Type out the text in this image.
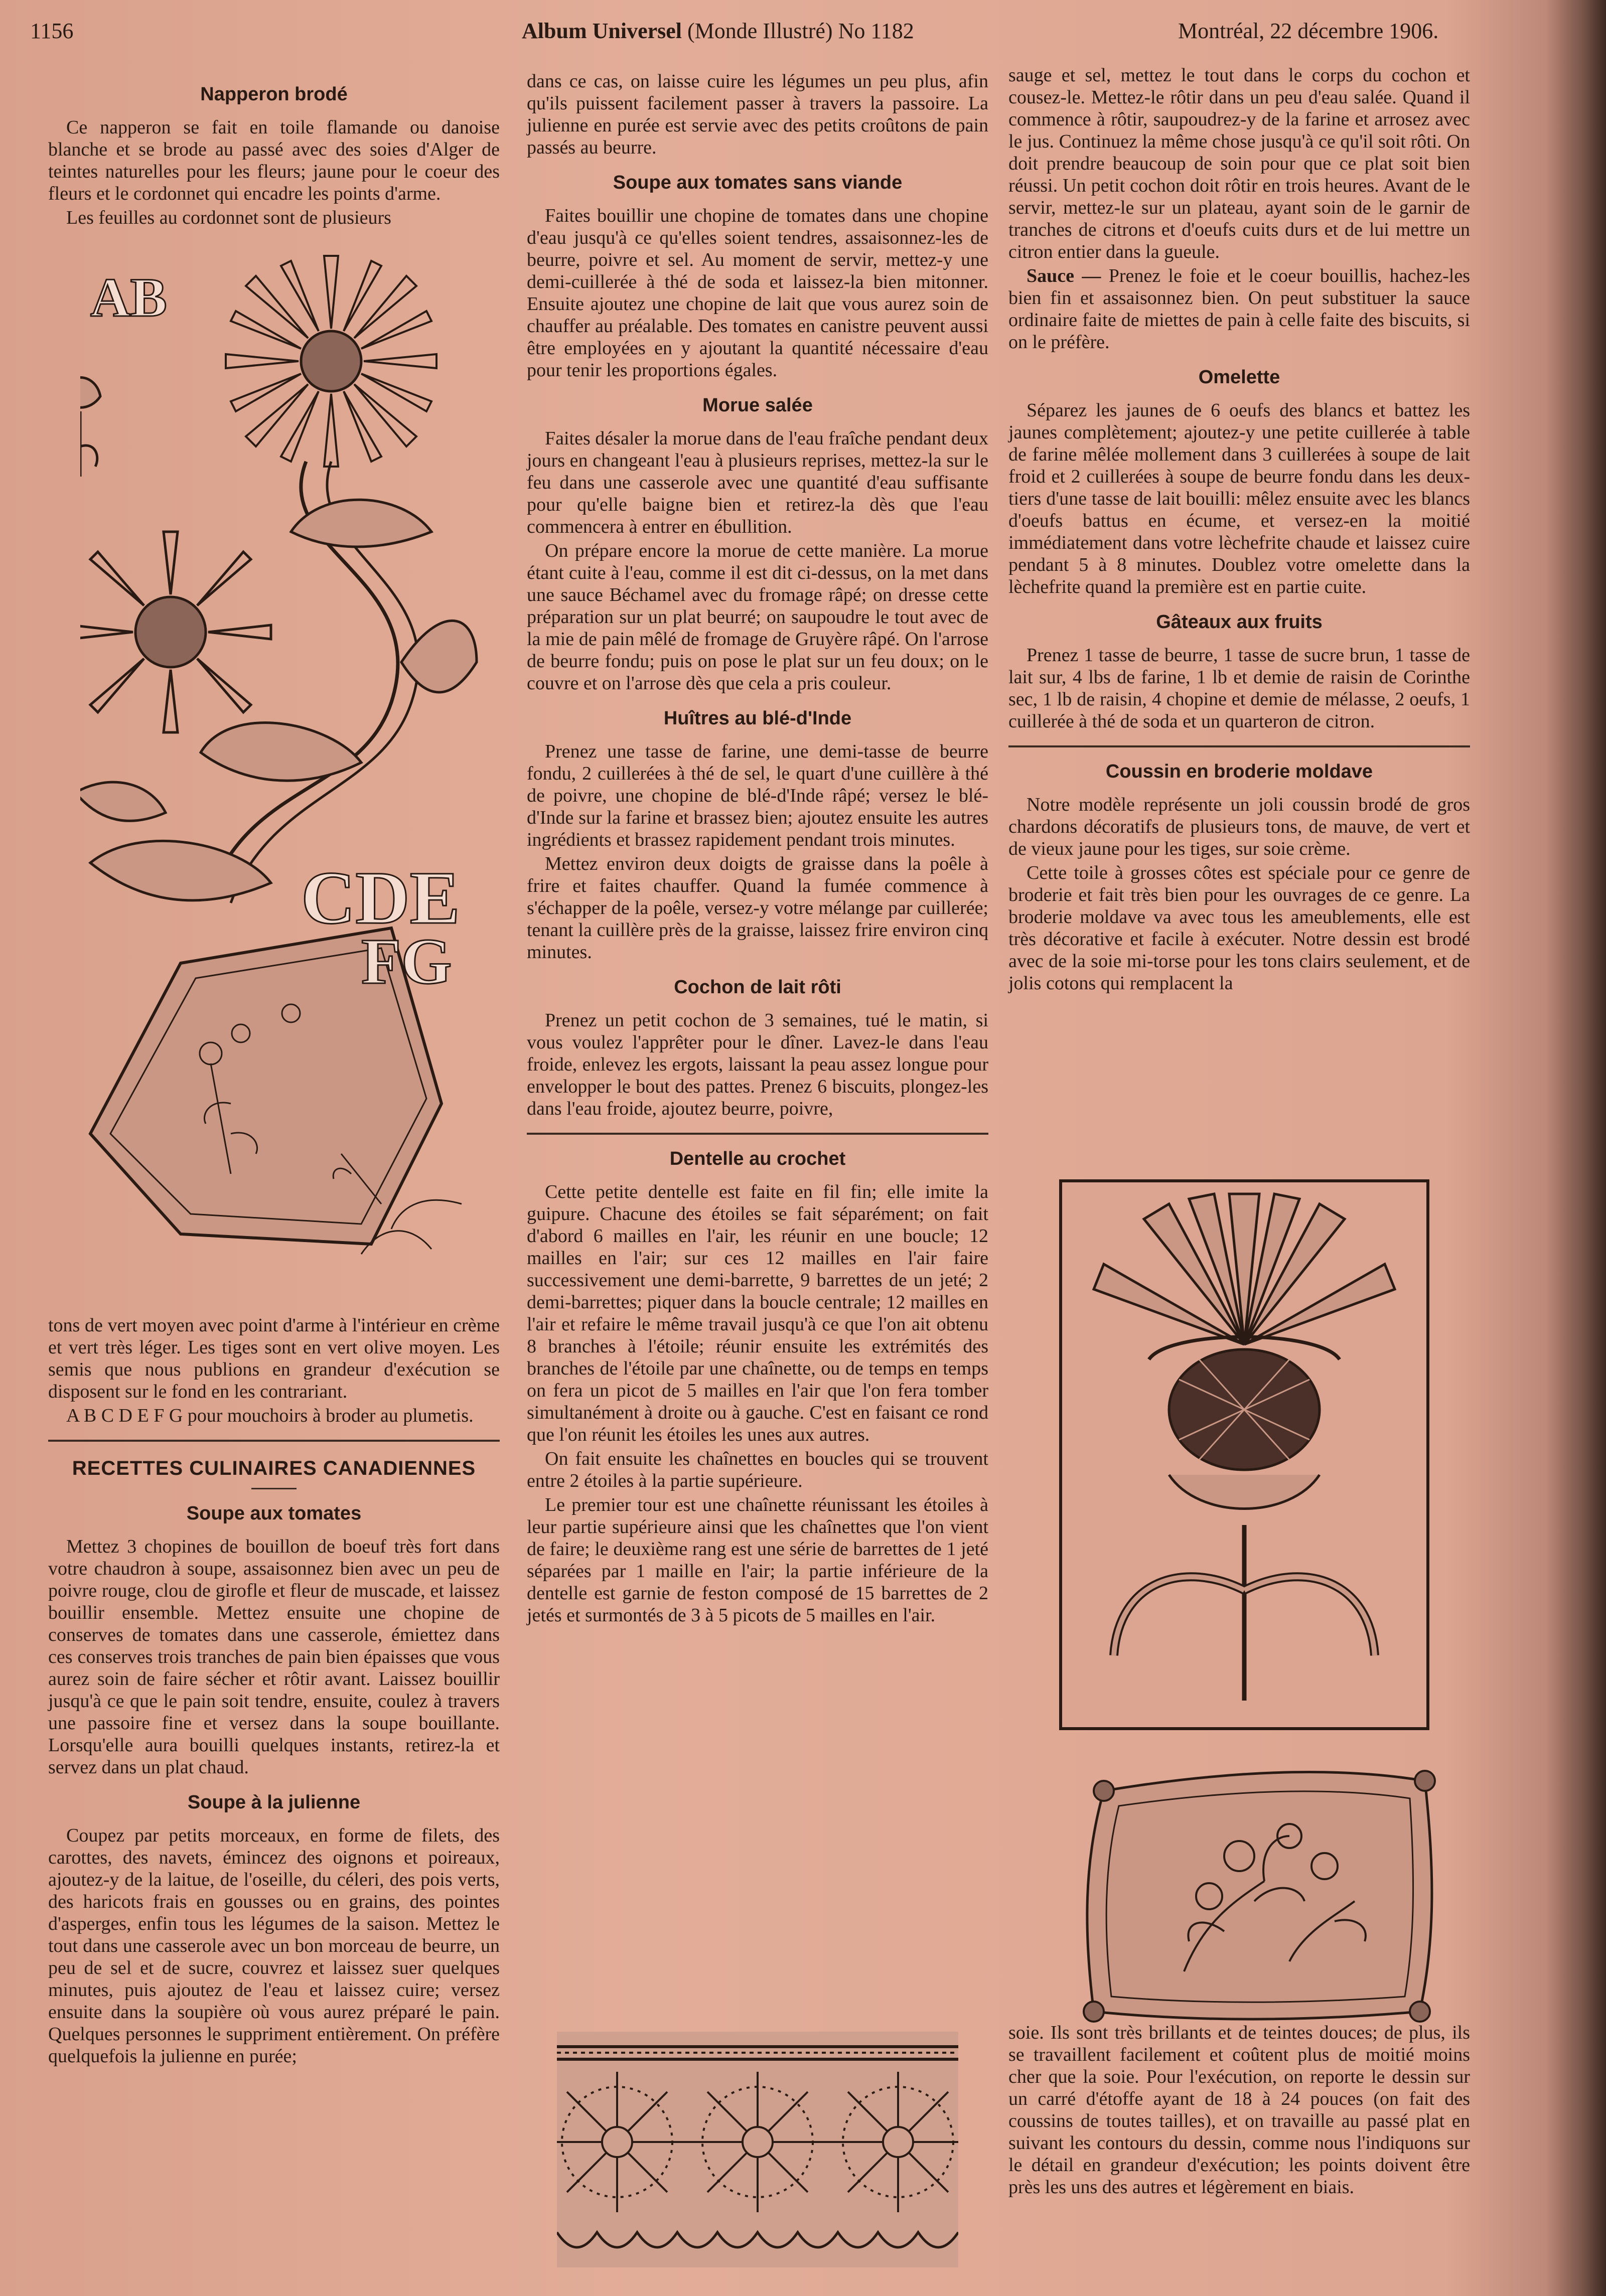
1156	Album Universel (Monde Illustré) No 1182	Montréal, 22 décembre 1906.
Napperon brodé

Ce napperon se fait en toile flamande ou danoise blanche et se brode au passé avec des soies d'Alger de teintes naturelles pour les fleurs; jaune pour le coeur des fleurs et le cordonnet qui encadre les points d'arme.

Les feuilles au cordonnet sont de plusieurs

AB
CDE
FG

tons de vert moyen avec point d'arme à l'intérieur en crème et vert très léger. Les tiges sont en vert olive moyen. Les semis que nous publions en grandeur d'exécution se disposent sur le fond en les contrariant.

A B C D E F G pour mouchoirs à broder au plumetis.

RECETTES CULINAIRES CANADIENNES
Soupe aux tomates

Mettez 3 chopines de bouillon de boeuf très fort dans votre chaudron à soupe, assaisonnez bien avec un peu de poivre rouge, clou de girofle et fleur de muscade, et laissez bouillir ensemble. Mettez ensuite une chopine de conserves de tomates dans une casserole, émiettez dans ces conserves trois tranches de pain bien épaisses que vous aurez soin de faire sécher et rôtir avant. Laissez bouillir jusqu'à ce que le pain soit tendre, ensuite, coulez à travers une passoire fine et versez dans la soupe bouillante. Lorsqu'elle aura bouilli quelques instants, retirez-la et servez dans un plat chaud.

Soupe à la julienne

Coupez par petits morceaux, en forme de filets, des carottes, des navets, émincez des oignons et poireaux, ajoutez-y de la laitue, de l'oseille, du céleri, des pois verts, des haricots frais en gousses ou en grains, des pointes d'asperges, enfin tous les légumes de la saison. Mettez le tout dans une casserole avec un bon morceau de beurre, un peu de sel et de sucre, couvrez et laissez suer quelques minutes, puis ajoutez de l'eau et laissez cuire; versez ensuite dans la soupière où vous aurez préparé le pain. Quelques personnes le suppriment entièrement. On préfère quelquefois la julienne en purée;

dans ce cas, on laisse cuire les légumes un peu plus, afin qu'ils puissent facilement passer à travers la passoire. La julienne en purée est servie avec des petits croûtons de pain passés au beurre.

Soupe aux tomates sans viande

Faites bouillir une chopine de tomates dans une chopine d'eau jusqu'à ce qu'elles soient tendres, assaisonnez-les de beurre, poivre et sel. Au moment de servir, mettez-y une demi-cuillerée à thé de soda et laissez-la bien mitonner. Ensuite ajoutez une chopine de lait que vous aurez soin de chauffer au préalable. Des tomates en canistre peuvent aussi être employées en y ajoutant la quantité nécessaire d'eau pour tenir les proportions égales.

Morue salée

Faites désaler la morue dans de l'eau fraîche pendant deux jours en changeant l'eau à plusieurs reprises, mettez-la sur le feu dans une casserole avec une quantité d'eau suffisante pour qu'elle baigne bien et retirez-la dès que l'eau commencera à entrer en ébullition.

On prépare encore la morue de cette manière. La morue étant cuite à l'eau, comme il est dit ci-dessus, on la met dans une sauce Béchamel avec du fromage râpé; on dresse cette préparation sur un plat beurré; on saupoudre le tout avec de la mie de pain mêlé de fromage de Gruyère râpé. On l'arrose de beurre fondu; puis on pose le plat sur un feu doux; on le couvre et on l'arrose dès que cela a pris couleur.

Huîtres au blé-d'Inde

Prenez une tasse de farine, une demi-tasse de beurre fondu, 2 cuillerées à thé de sel, le quart d'une cuillère à thé de poivre, une chopine de blé-d'Inde râpé; versez le blé-d'Inde sur la farine et brassez bien; ajoutez ensuite les autres ingrédients et brassez rapidement pendant trois minutes.

Mettez environ deux doigts de graisse dans la poêle à frire et faites chauffer. Quand la fumée commence à s'échapper de la poêle, versez-y votre mélange par cuillerée; tenant la cuillère près de la graisse, laissez frire environ cinq minutes.

Cochon de lait rôti

Prenez un petit cochon de 3 semaines, tué le matin, si vous voulez l'apprêter pour le dîner. Lavez-le dans l'eau froide, enlevez les ergots, laissant la peau assez longue pour envelopper le bout des pattes. Prenez 6 biscuits, plongez-les dans l'eau froide, ajoutez beurre, poivre,

Dentelle au crochet

Cette petite dentelle est faite en fil fin; elle imite la guipure. Chacune des étoiles se fait séparément; on fait d'abord 6 mailles en l'air, les réunir en une boucle; 12 mailles en l'air; sur ces 12 mailles en l'air faire successivement une demi-barrette, 9 barrettes de un jeté; 2 demi-barrettes; piquer dans la boucle centrale; 12 mailles en l'air et refaire le même travail jusqu'à ce que l'on ait obtenu 8 branches à l'étoile; réunir ensuite les extrémités des branches de l'étoile par une chaînette, ou de temps en temps on fera un picot de 5 mailles en l'air que l'on fera tomber simultanément à droite ou à gauche. C'est en faisant ce rond que l'on réunit les étoiles les unes aux autres.

On fait ensuite les chaînettes en boucles qui se trouvent entre 2 étoiles à la partie supérieure.

Le premier tour est une chaînette réunissant les étoiles à leur partie supérieure ainsi que les chaînettes que l'on vient de faire; le deuxième rang est une série de barrettes de 1 jeté séparées par 1 maille en l'air; la partie inférieure de la dentelle est garnie de feston composé de 15 barrettes de 2 jetés et surmontés de 3 à 5 picots de 5 mailles en l'air.

sauge et sel, mettez le tout dans le corps du cochon et cousez-le. Mettez-le rôtir dans un peu d'eau salée. Quand il commence à rôtir, saupoudrez-y de la farine et arrosez avec le jus. Continuez la même chose jusqu'à ce qu'il soit rôti. On doit prendre beaucoup de soin pour que ce plat soit bien réussi. Un petit cochon doit rôtir en trois heures. Avant de le servir, mettez-le sur un plateau, ayant soin de le garnir de tranches de citrons et d'oeufs cuits durs et de lui mettre un citron entier dans la gueule.

Sauce — Prenez le foie et le coeur bouillis, hachez-les bien fin et assaisonnez bien. On peut substituer la sauce ordinaire faite de miettes de pain à celle faite des biscuits, si on le préfère.

Omelette

Séparez les jaunes de 6 oeufs des blancs et battez les jaunes complètement; ajoutez-y une petite cuillerée à table de farine mêlée mollement dans 3 cuillerées à soupe de lait froid et 2 cuillerées à soupe de beurre fondu dans les deux-tiers d'une tasse de lait bouilli: mêlez ensuite avec les blancs d'oeufs battus en écume, et versez-en la moitié immédiatement dans votre lèchefrite chaude et laissez cuire pendant 5 à 8 minutes. Doublez votre omelette dans la lèchefrite quand la première est en partie cuite.

Gâteaux aux fruits

Prenez 1 tasse de beurre, 1 tasse de sucre brun, 1 tasse de lait sur, 4 lbs de farine, 1 lb et demie de raisin de Corinthe sec, 1 lb de raisin, 4 chopine et demie de mélasse, 2 oeufs, 1 cuillerée à thé de soda et un quarteron de citron.

Coussin en broderie moldave

Notre modèle représente un joli coussin brodé de gros chardons décoratifs de plusieurs tons, de mauve, de vert et de vieux jaune pour les tiges, sur soie crème.

Cette toile à grosses côtes est spéciale pour ce genre de broderie et fait très bien pour les ouvrages de ce genre. La broderie moldave va avec tous les ameublements, elle est très décorative et facile à exécuter. Notre dessin est brodé avec de la soie mi-torse pour les tons clairs seulement, et de jolis cotons qui remplacent la

soie. Ils sont très brillants et de teintes douces; de plus, ils se travaillent facilement et coûtent plus de moitié moins cher que la soie. Pour l'exécution, on reporte le dessin sur un carré d'étoffe ayant de 18 à 24 pouces (on fait des coussins de toutes tailles), et on travaille au passé plat en suivant les contours du dessin, comme nous l'indiquons sur le détail en grandeur d'exécution; les points doivent être près les uns des autres et légèrement en biais.
